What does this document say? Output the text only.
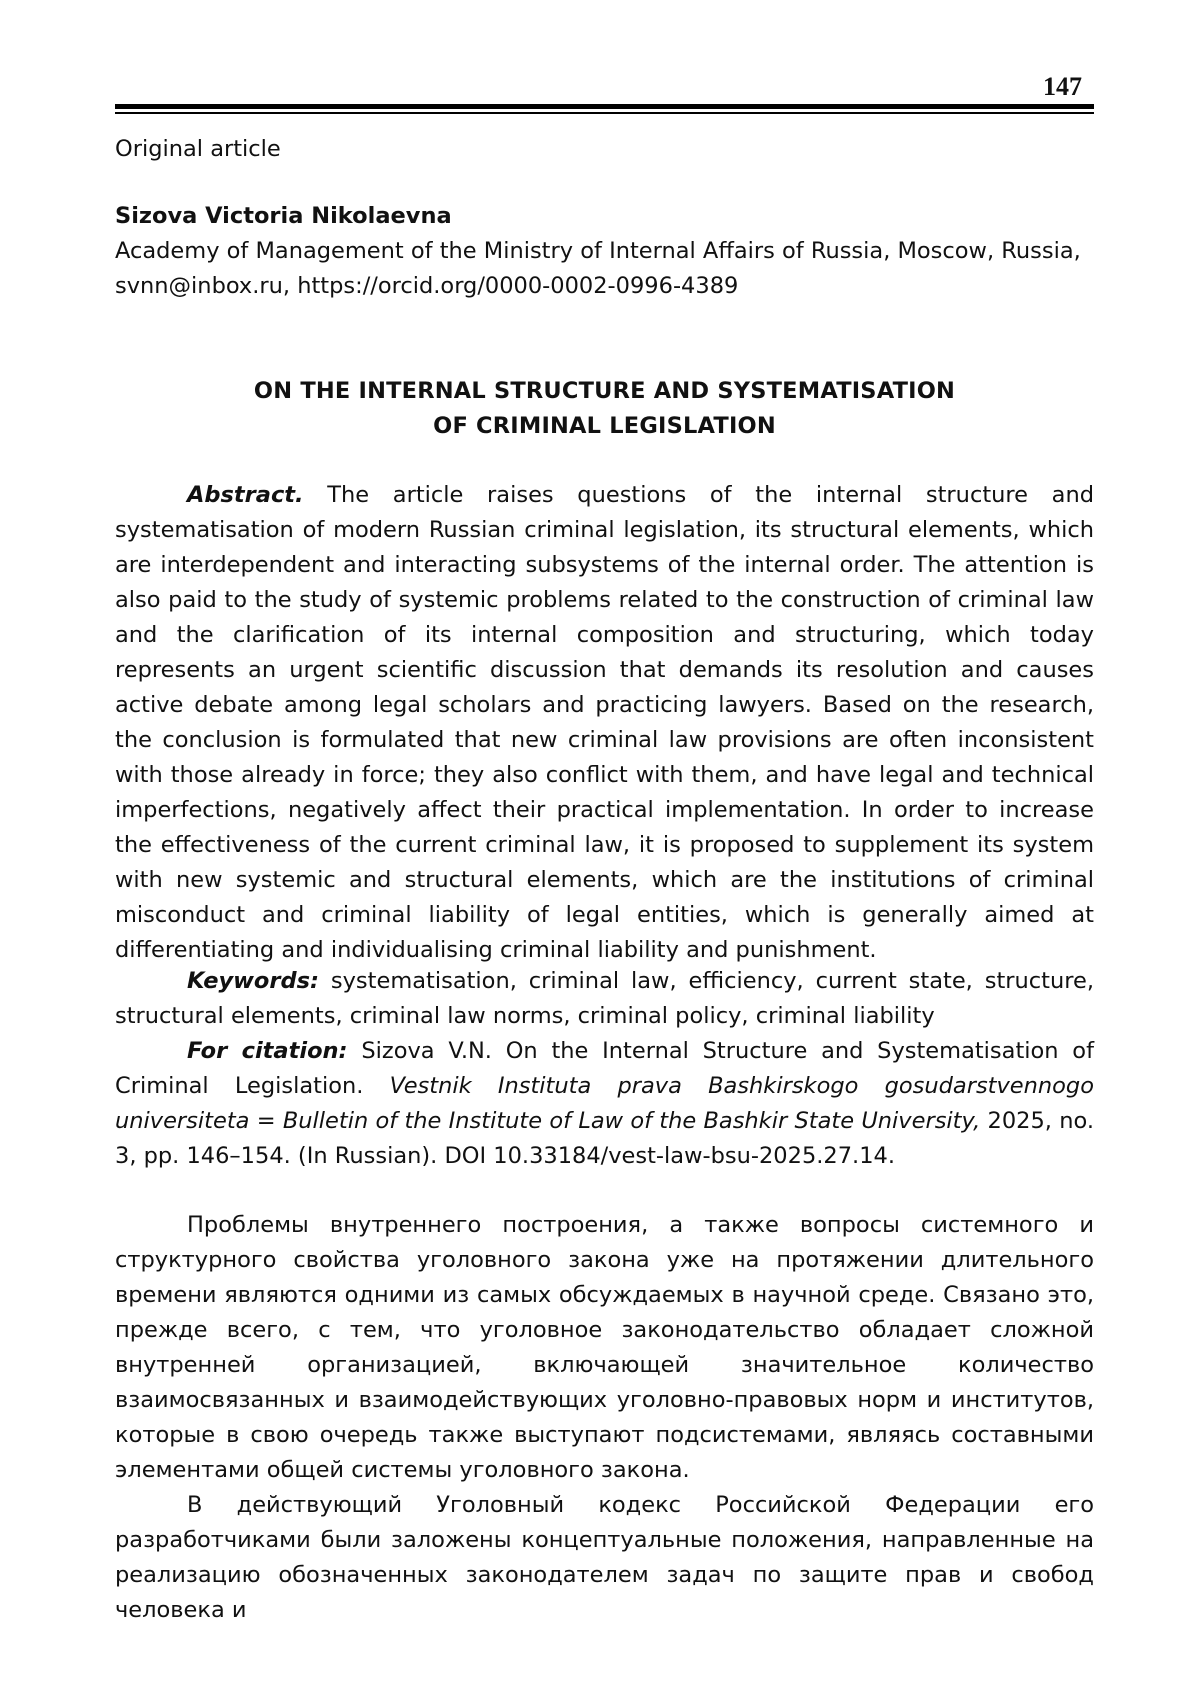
147

Original article

Sizova Victoria Nikolaevna

Academy of Management of the Ministry of Internal Affairs of Russia, Moscow, Russia, svnn@inbox.ru, https://orcid.org/0000-0002-0996-4389

ON THE INTERNAL STRUCTURE AND SYSTEMATISATION
OF CRIMINAL LEGISLATION

Abstract. The article raises questions of the internal structure and systematisation of modern Russian criminal legislation, its structural elements, which are interdependent and interacting subsystems of the internal order. The attention is also paid to the study of systemic problems related to the construction of criminal law and the clarification of its internal composition and structuring, which today represents an urgent scientific discussion that demands its resolution and causes active debate among legal scholars and practicing lawyers. Based on the research, the conclusion is formulated that new criminal law provisions are often inconsistent with those already in force; they also conflict with them, and have legal and technical imperfections, negatively affect their practical implementation. In order to increase the effectiveness of the current criminal law, it is proposed to supplement its system with new systemic and structural elements, which are the institutions of criminal misconduct and criminal liability of legal entities, which is generally aimed at differentiating and individualising criminal liability and punishment.

Keywords: systematisation, criminal law, efficiency, current state, structure, structural elements, criminal law norms, criminal policy, criminal liability

For citation: Sizova V.N. On the Internal Structure and Systematisation of Criminal Legislation. Vestnik Instituta prava Bashkirskogo gosudarstvennogo universiteta = Bulletin of the Institute of Law of the Bashkir State University, 2025, no. 3, pp. 146–154. (In Russian). DOI 10.33184/vest-law-bsu-2025.27.14.

Проблемы внутреннего построения, а также вопросы системного и структурного свойства уголовного закона уже на протяжении длительного времени являются одними из самых обсуждаемых в научной среде. Связано это, прежде всего, с тем, что уголовное законодательство обладает сложной внутренней организацией, включающей значительное количество взаимосвязанных и взаимодействующих уголовно-правовых норм и институтов, которые в свою очередь также выступают подсистемами, являясь составными элементами общей системы уголовного закона.

В действующий Уголовный кодекс Российской Федерации его разработчиками были заложены концептуальные положения, направленные на реализацию обозначенных законодателем задач по защите прав и свобод человека и
